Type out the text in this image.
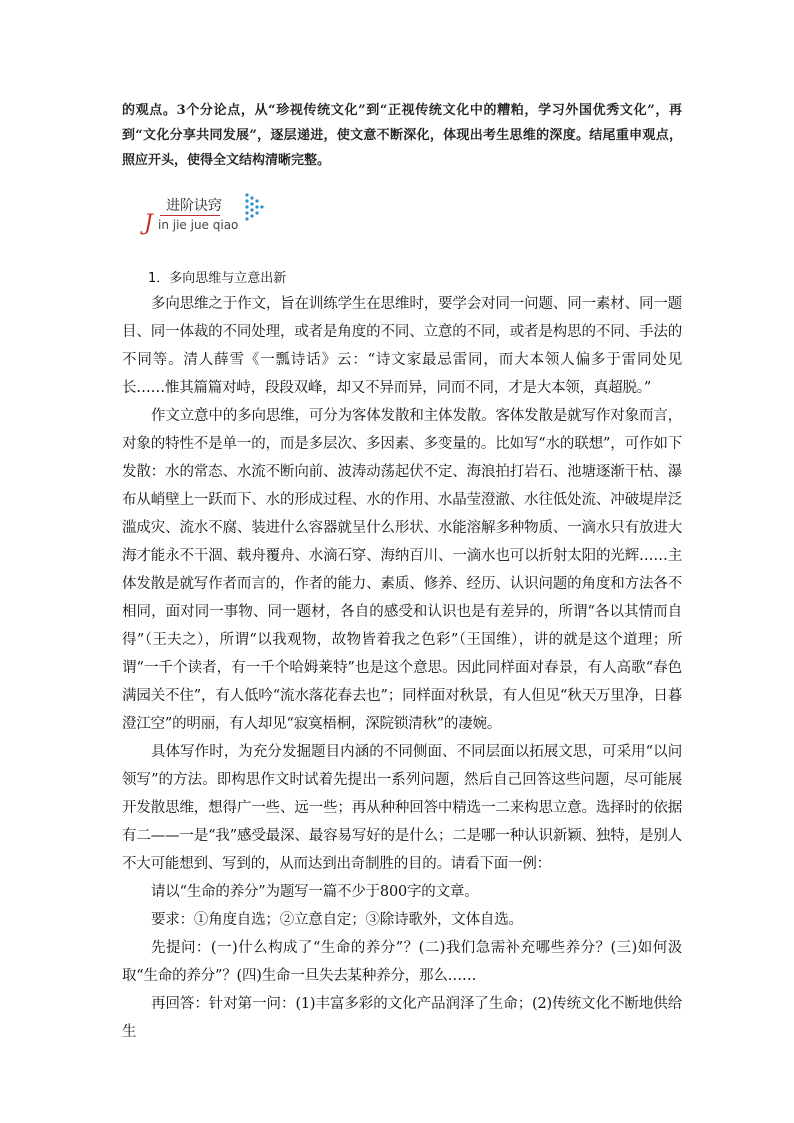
的观点。3个分论点，从“珍视传统文化”到“正视传统文化中的糟粕，学习外国优秀文化”，再到“文化分享共同发展”，逐层递进，使文意不断深化，体现出考生思维的深度。结尾重申观点，照应开头，使得全文结构清晰完整。

J
进阶诀窍
in jie jue qiao
1．多向思维与立意出新

多向思维之于作文，旨在训练学生在思维时，要学会对同一问题、同一素材、同一题目、同一体裁的不同处理，或者是角度的不同、立意的不同，或者是构思的不同、手法的不同等。清人薛雪《一瓢诗话》云：“诗文家最忌雷同，而大本领人偏多于雷同处见长……惟其篇篇对峙，段段双峰，却又不异而异，同而不同，才是大本领，真超脱。”

作文立意中的多向思维，可分为客体发散和主体发散。客体发散是就写作对象而言，对象的特性不是单一的，而是多层次、多因素、多变量的。比如写“水的联想”，可作如下发散：水的常态、水流不断向前、波涛动荡起伏不定、海浪拍打岩石、池塘逐渐干枯、瀑布从峭壁上一跃而下、水的形成过程、水的作用、水晶莹澄澈、水往低处流、冲破堤岸泛滥成灾、流水不腐、装进什么容器就呈什么形状、水能溶解多种物质、一滴水只有放进大海才能永不干涸、载舟覆舟、水滴石穿、海纳百川、一滴水也可以折射太阳的光辉……主体发散是就写作者而言的，作者的能力、素质、修养、经历、认识问题的角度和方法各不相同，面对同一事物、同一题材，各自的感受和认识也是有差异的，所谓“各以其情而自得”（王夫之），所谓“以我观物，故物皆着我之色彩”（王国维），讲的就是这个道理；所谓“一千个读者，有一千个哈姆莱特”也是这个意思。因此同样面对春景，有人高歌“春色满园关不住”，有人低吟“流水落花春去也”；同样面对秋景，有人但见“秋天万里净，日暮澄江空”的明丽，有人却见“寂寞梧桐，深院锁清秋”的凄婉。

具体写作时，为充分发掘题目内涵的不同侧面、不同层面以拓展文思，可采用“以问领写”的方法。即构思作文时试着先提出一系列问题，然后自己回答这些问题，尽可能展开发散思维，想得广一些、远一些；再从种种回答中精选一二来构思立意。选择时的依据有二——一是“我”感受最深、最容易写好的是什么；二是哪一种认识新颖、独特，是别人不大可能想到、写到的，从而达到出奇制胜的目的。请看下面一例：

请以“生命的养分”为题写一篇不少于800字的文章。

要求：①角度自选；②立意自定；③除诗歌外，文体自选。

先提问：(一)什么构成了“生命的养分”？(二)我们急需补充哪些养分？(三)如何汲取“生命的养分”？(四)生命一旦失去某种养分，那么……

再回答：针对第一问：(1)丰富多彩的文化产品润泽了生命；(2)传统文化不断地供给生
